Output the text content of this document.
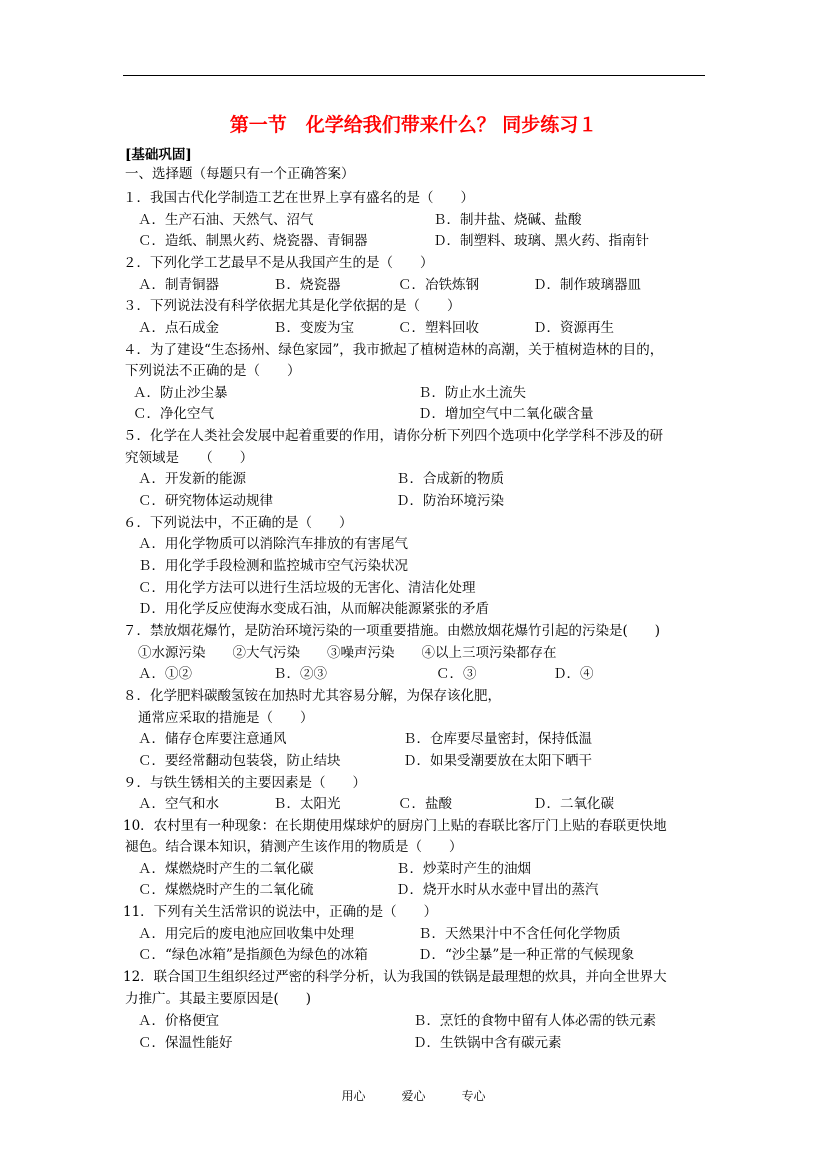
第一节　化学给我们带来什么？ 同步练习１
[基础巩固]
一、选择题（每题只有一个正确答案）
１．我国古代化学制造工艺在世界上享有盛名的是（　　）
Ａ．生产石油、天然气、沼气	Ｂ．制井盐、烧碱、盐酸
Ｃ．造纸、制黑火药、烧瓷器、青铜器	Ｄ．制塑料、玻璃、黑火药、指南针
２．下列化学工艺最早不是从我国产生的是（　　）
Ａ．制青铜器	Ｂ．烧瓷器	Ｃ．冶铁炼钢	Ｄ．制作玻璃器皿
３．下列说法没有科学依据尤其是化学依据的是（　　）
Ａ．点石成金	Ｂ．变废为宝	Ｃ．塑料回收	Ｄ．资源再生
４．为了建设“生态扬州、绿色家园”，我市掀起了植树造林的高潮，关于植树造林的目的，
下列说法不正确的是（　　）
Ａ．防止沙尘暴	Ｂ．防止水土流失
Ｃ．净化空气	Ｄ．增加空气中二氧化碳含量
５．化学在人类社会发展中起着重要的作用，请你分析下列四个选项中化学学科不涉及的研
究领域是　　（　　）
Ａ．开发新的能源	Ｂ．合成新的物质
Ｃ．研究物体运动规律	Ｄ．防治环境污染
６．下列说法中，不正确的是（　　）
Ａ．用化学物质可以消除汽车排放的有害尾气
Ｂ．用化学手段检测和监控城市空气污染状况
Ｃ．用化学方法可以进行生活垃圾的无害化、清洁化处理
Ｄ．用化学反应使海水变成石油，从而解决能源紧张的矛盾
７．禁放烟花爆竹，是防治环境污染的一项重要措施。由燃放烟花爆竹引起的污染是(　　)
①水源污染　　②大气污染　　③噪声污染　　④以上三项污染都存在
Ａ．①②	Ｂ．②③	Ｃ．③	Ｄ．④
８．化学肥料碳酸氢铵在加热时尤其容易分解，为保存该化肥，
通常应采取的措施是（　　）
Ａ．储存仓库要注意通风	Ｂ．仓库要尽量密封，保持低温
Ｃ．要经常翻动包装袋，防止结块	Ｄ．如果受潮要放在太阳下晒干
９．与铁生锈相关的主要因素是（　　）
Ａ．空气和水	Ｂ．太阳光	Ｃ．盐酸	Ｄ．二氧化碳
10．农村里有一种现象：在长期使用煤球炉的厨房门上贴的春联比客厅门上贴的春联更快地
褪色。结合课本知识，猜测产生该作用的物质是（　　）
Ａ．煤燃烧时产生的二氧化碳	Ｂ．炒菜时产生的油烟
Ｃ．煤燃烧时产生的二氧化硫	Ｄ．烧开水时从水壶中冒出的蒸汽
11．下列有关生活常识的说法中，正确的是（　　）
Ａ．用完后的废电池应回收集中处理	Ｂ．天然果汁中不含任何化学物质
Ｃ．“绿色冰箱”是指颜色为绿色的冰箱	Ｄ．“沙尘暴”是一种正常的气候现象
12．联合国卫生组织经过严密的科学分析，认为我国的铁锅是最理想的炊具，并向全世界大
力推广。其最主要原因是(　　)
Ａ．价格便宜	Ｂ．烹饪的食物中留有人体必需的铁元素
Ｃ．保温性能好	Ｄ．生铁锅中含有碳元素
用心　　　爱心　　　专心
